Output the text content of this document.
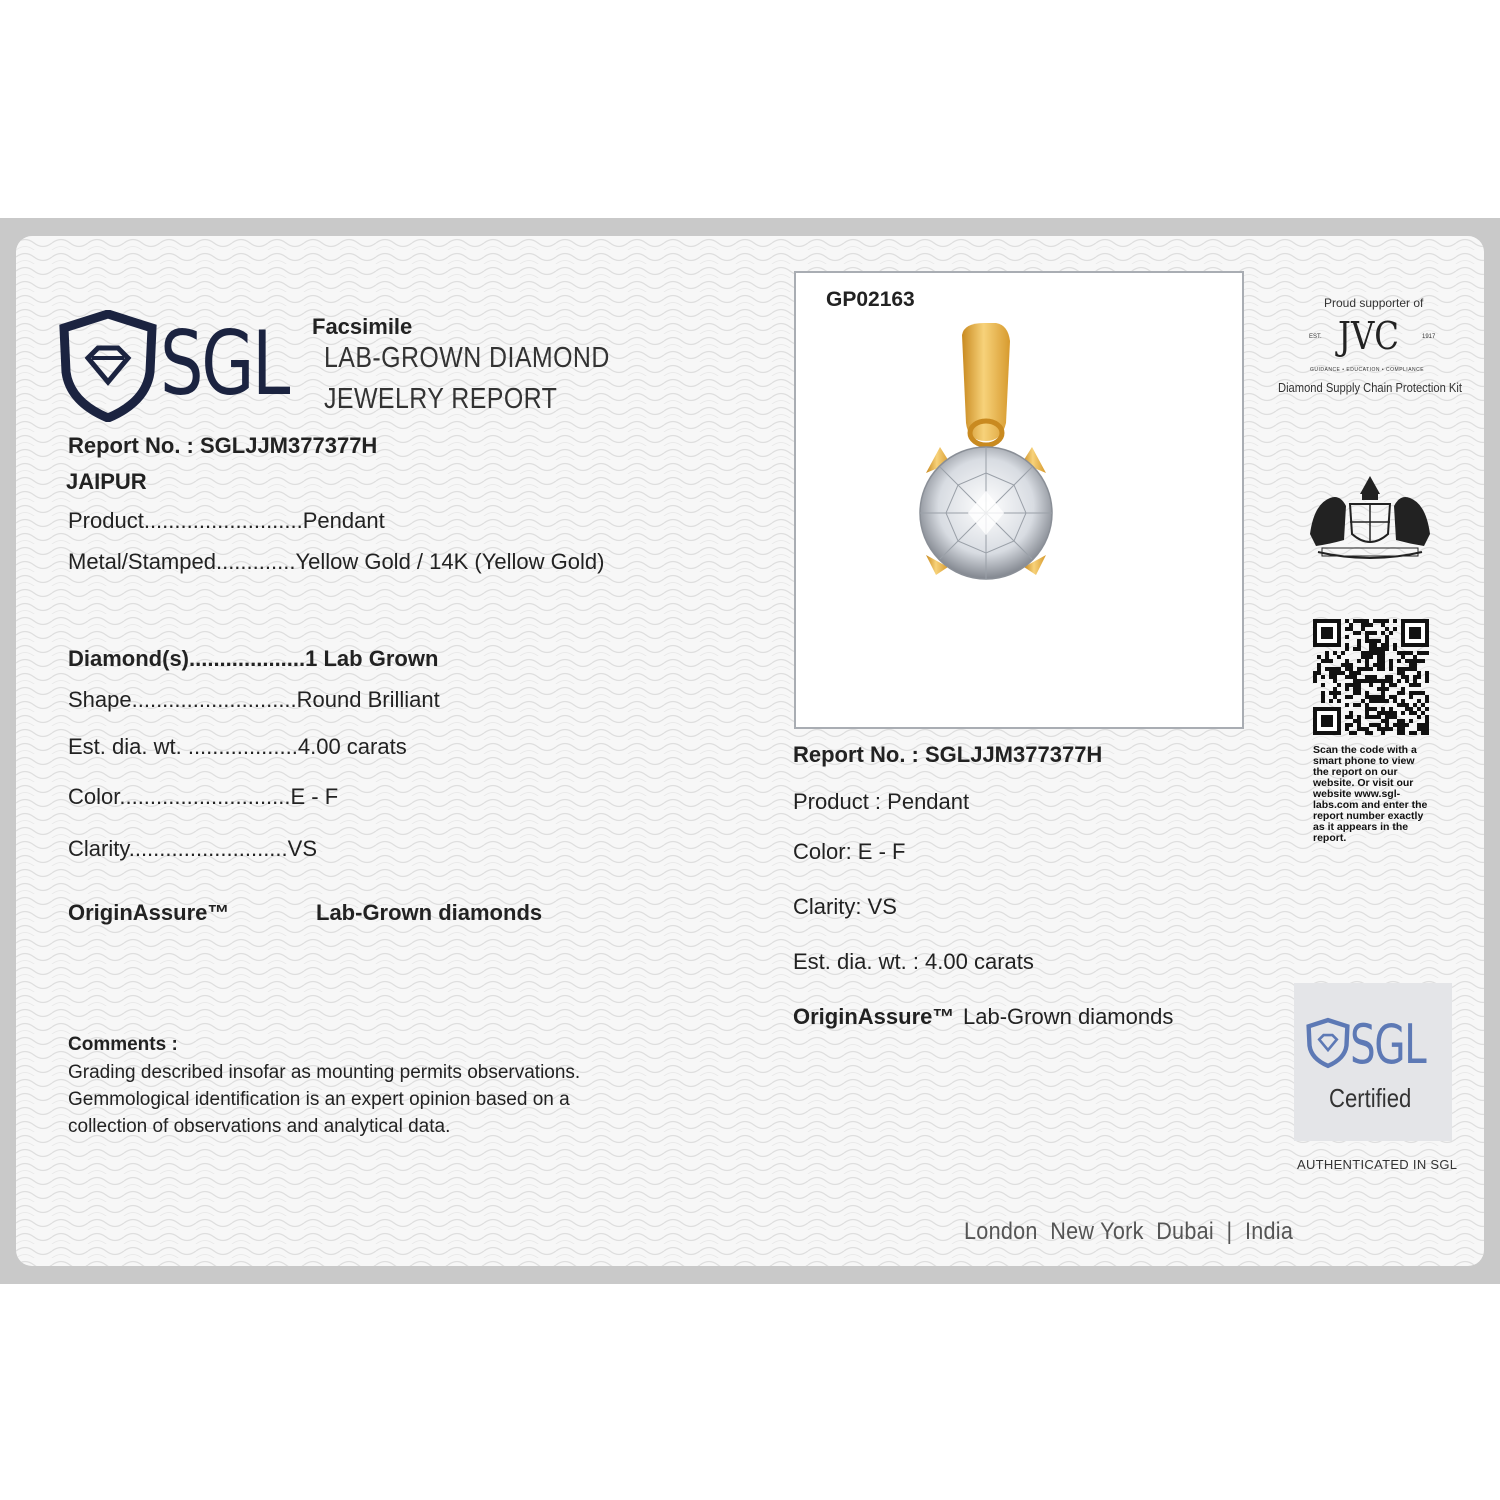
SGL Facsimile
LAB-GROWN DIAMOND
JEWELRY REPORT
Report No. : SGLJJM377377H
JAIPUR
Product..........................Pendant
Metal/Stamped.............Yellow Gold / 14K (Yellow Gold)
Diamond(s)...................1 Lab Grown
Shape...........................Round Brilliant
Est. dia. wt. ..................4.00 carats
Color............................E - F
Clarity..........................VS
OriginAssure™	Lab-Grown diamonds
Comments :
Grading described insofar as mounting permits observations. Gemmological identification is an expert opinion based on a collection of observations and analytical data.
GP02163
Report No. : SGLJJM377377H
Product : Pendant
Color: E - F
Clarity: VS
Est. dia. wt. : 4.00 carats
OriginAssure™ Lab-Grown diamonds
Proud supporter of
JVC
EST.	1917
GUIDANCE • EDUCATION • COMPLIANCE
Diamond Supply Chain Protection Kit
Scan the code with a smart phone to view the report on our website. Or visit our website www.sgl-labs.com and enter the report number exactly as it appears in the report.
SGL
Certified
AUTHENTICATED IN SGL
London  New York  Dubai  |  India
